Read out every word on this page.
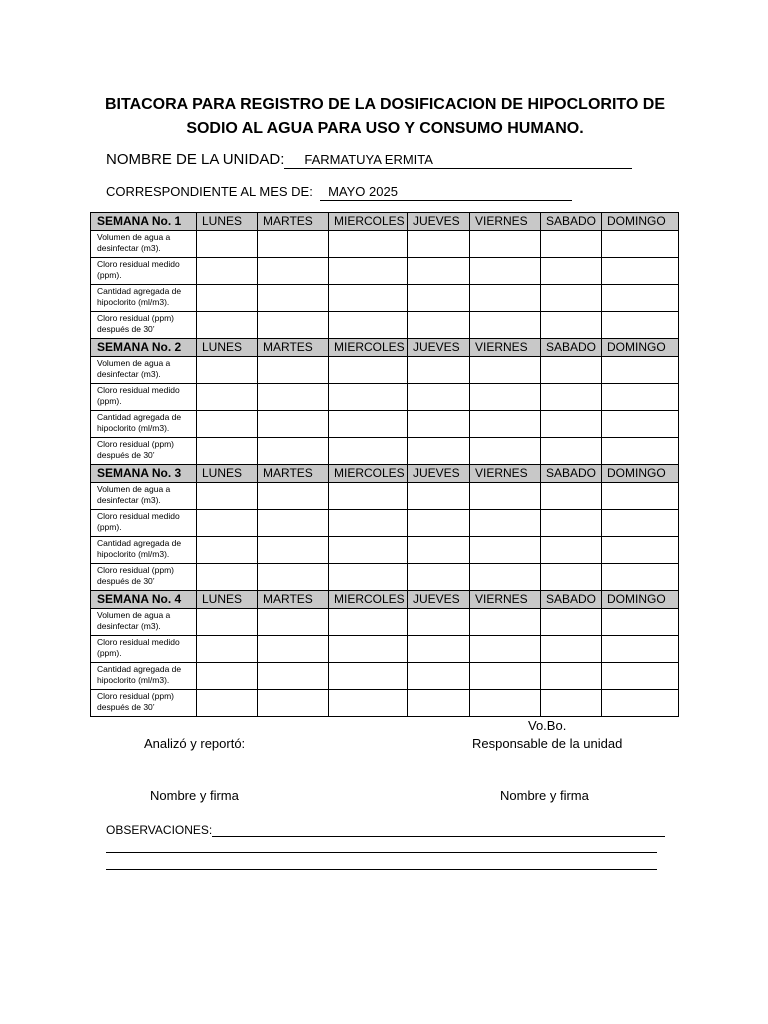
BITACORA PARA REGISTRO DE LA DOSIFICACION DE HIPOCLORITO DE
SODIO AL AGUA PARA USO Y CONSUMO HUMANO.
NOMBRE DE LA UNIDAD: FARMATUYA ERMITA
CORRESPONDIENTE AL MES DE: MAYO 2025
SEMANA No. 1	LUNES	MARTES	MIERCOLES	JUEVES	VIERNES	SABADO	DOMINGO

Volumen de agua a
desinfectar (m3).							

Cloro residual medido
(ppm).							

Cantidad agregada de
hipoclorito (ml/m3).							

Cloro residual (ppm)
después de 30’							

SEMANA No. 2	LUNES	MARTES	MIERCOLES	JUEVES	VIERNES	SABADO	DOMINGO

Volumen de agua a
desinfectar (m3).							

Cloro residual medido
(ppm).							

Cantidad agregada de
hipoclorito (ml/m3).							

Cloro residual (ppm)
después de 30’							

SEMANA No. 3	LUNES	MARTES	MIERCOLES	JUEVES	VIERNES	SABADO	DOMINGO

Volumen de agua a
desinfectar (m3).							

Cloro residual medido
(ppm).							

Cantidad agregada de
hipoclorito (ml/m3).							

Cloro residual (ppm)
después de 30’							

SEMANA No. 4	LUNES	MARTES	MIERCOLES	JUEVES	VIERNES	SABADO	DOMINGO

Volumen de agua a
desinfectar (m3).							

Cloro residual medido
(ppm).							

Cantidad agregada de
hipoclorito (ml/m3).							

Cloro residual (ppm)
después de 30’							

Vo.Bo.
Analizó y reportó:	Responsable de la unidad
Nombre y firma	Nombre y firma
OBSERVACIONES:
